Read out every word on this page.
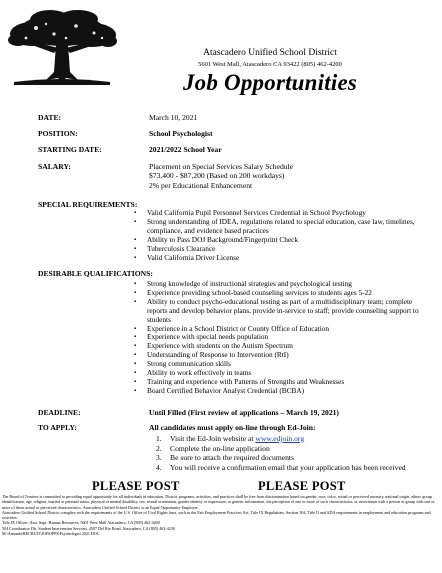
Atascadero Unified School District
5601 West Mall, Atascadero CA 93422 (805) 462-4200
Job Opportunities
DATE:	March 10, 2021
POSITION:	School Psychologist
STARTING DATE:	2021/2022 School Year
SALARY:	Placement on Special Services Salary Schedule
$73,400 - $87,200 (Based on 200 workdays)
2% per Educational Enhancement
SPECIAL REQUIREMENTS:
▪ Valid California Pupil Personnel Services Credential in School Psychology
▪ Strong understanding of IDEA, regulations related to special education, case law, timelines, compliance, and evidence based practices
▪ Ability to Pass DOJ Background/Fingerprint Check
▪ Tuberculosis Clearance
▪ Valid California Driver License
DESIRABLE QUALIFICATIONS:
▪ Strong knowledge of instructional strategies and psychological testing
▪ Experience providing school-based counseling services to students ages 5-22
▪ Ability to conduct psycho-educational testing as part of a multidisciplinary team; complete reports and develop behavior plans, provide in-service to staff; provide counseling support to students
▪ Experience in a School District or County Office of Education
▪ Experience with special needs population
▪ Experience with students on the Autism Spectrum
▪ Understanding of Response to Intervention (RtI)
▪ Strong communication skills
▪ Ability to work effectively in teams
▪ Training and experience with Patterns of Strengths and Weaknesses
▪ Board Certified Behavior Analyst Credential (BCBA)
DEADLINE:	Until Filled (First review of applications – March 19, 2021)
TO APPLY:	All candidates must apply on-line through Ed-Join:
1. Visit the Ed-Join website at www.edjoin.org
2. Complete the on-line application
3. Be sure to attach the required documents
4. You will receive a confirmation email that your application has been received
PLEASE POST	PLEASE POST

The Board of Trustees is committed to providing equal opportunity for all individuals in education. District programs, activities, and practices shall be free from discrimination based on gender, race, color, actual or perceived ancestry, national origin, ethnic group identification, age, religion, marital or parental status, physical or mental disability, sex, sexual orientation, gender identity or expression, or genetic information, the perception of one or more of such characteristics, or association with a person or group with one or more of these actual or perceived characteristics. Atascadero Unified School District is an Equal Opportunity Employer.

Atascadero Unified School District complies with the requirements of the U.S. Office of Civil Rights laws, such as the Fair Employment Practices Act, Title IX Regulations, Section 504, Title II and ADA requirements in employment and education programs and activities.

Title IX Officer: Asst. Supt. Human Resources, 5601 West Mall Atascadero, CA (805) 462-4200

504 Coordinator: Dir. Student Intervention Services, 4507 Del Rio Road, Atascadero, CA (805) 462-4230

M:\Amanda\RECRUIT\JOBOPPS\Psychologist 2021.DOC
